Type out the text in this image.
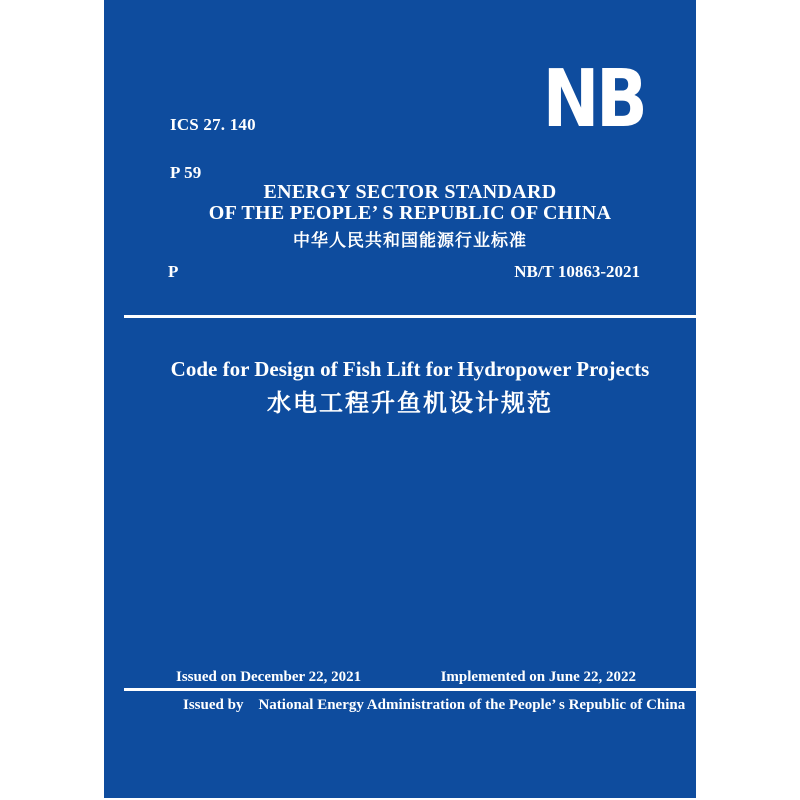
ICS 27. 140

P 59

NB
ENERGY SECTOR STANDARD
OF THE PEOPLE’ S REPUBLIC OF CHINA
中华人民共和国能源行业标准
P	NB/T 10863-2021
Code for Design of Fish Lift for Hydropower Projects
水电工程升鱼机设计规范
Issued on December 22, 2021	Implemented on June 22, 2022
Issued by National Energy Administration of the People’ s Republic of China
